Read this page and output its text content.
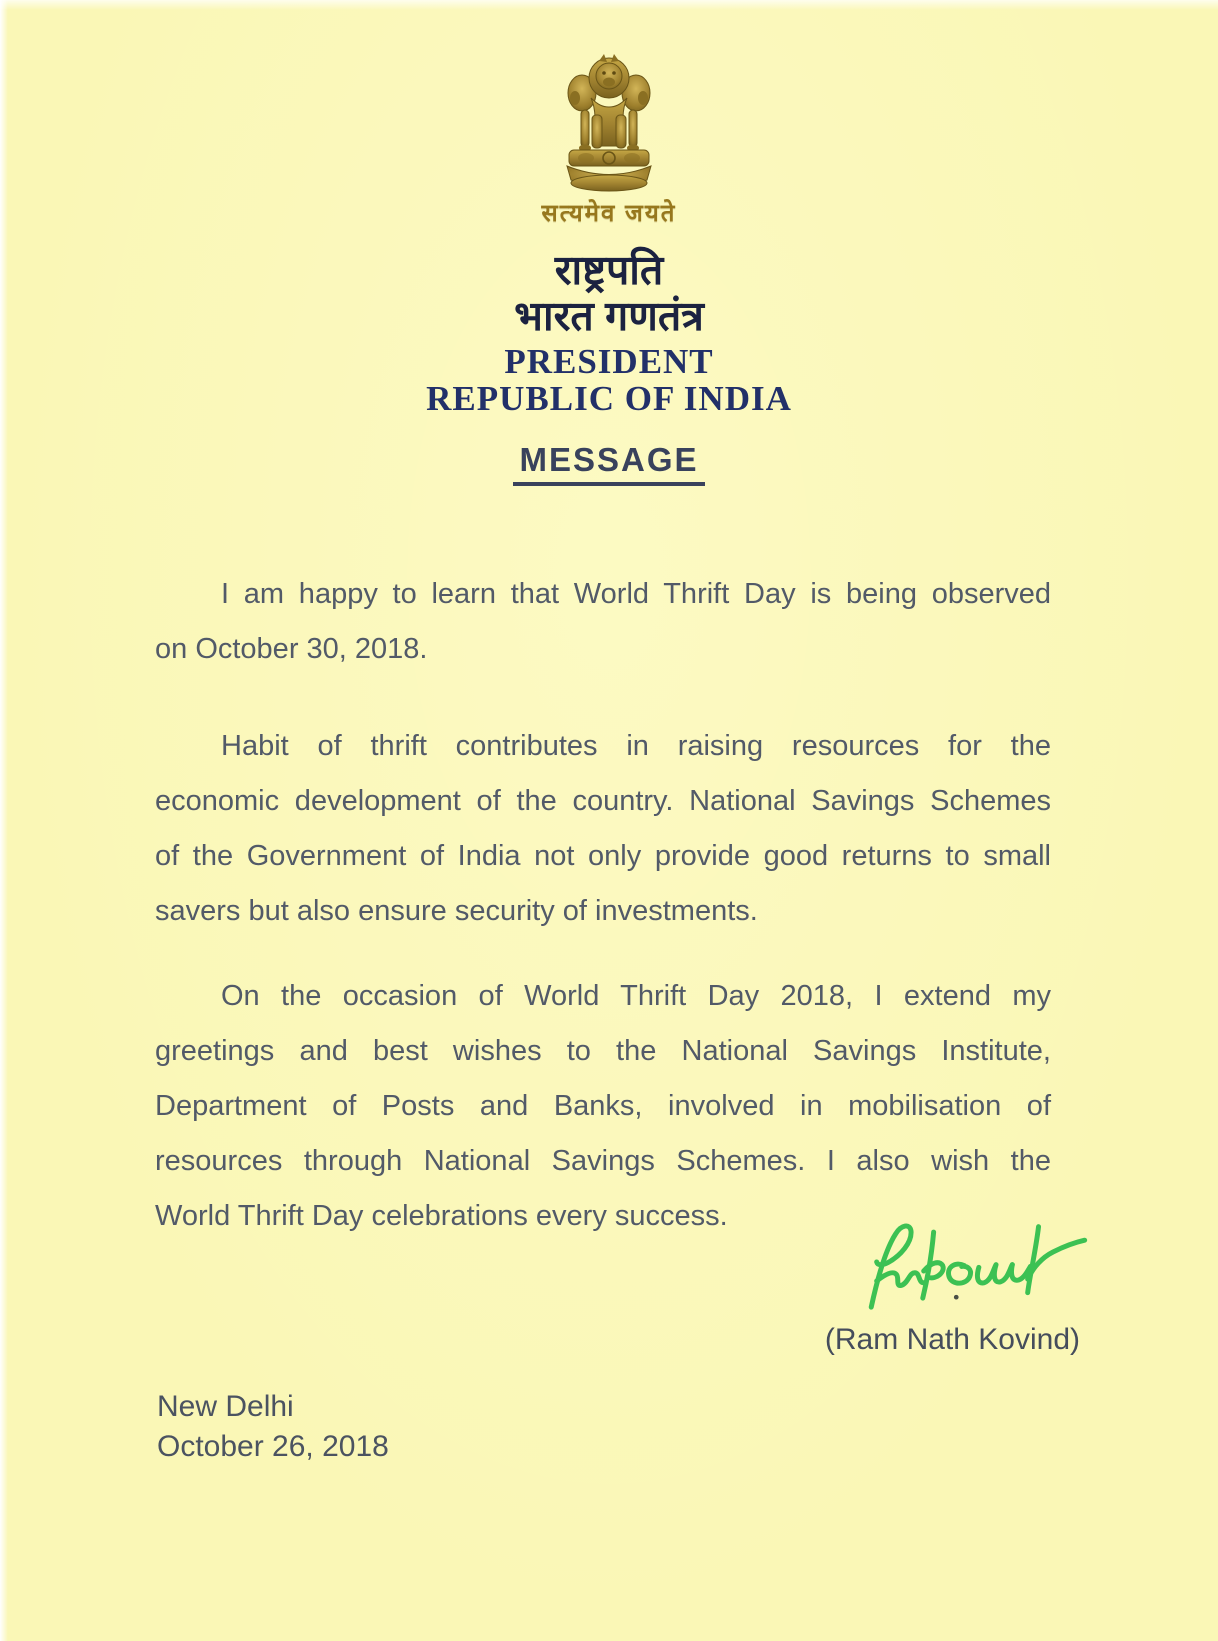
सत्यमेव जयते
राष्ट्रपति
भारत गणतंत्र
PRESIDENT
REPUBLIC OF INDIA
MESSAGE
I am happy to learn that World Thrift Day is being observed
on October 30, 2018.
Habit of thrift contributes in raising resources for the
economic development of the country. National Savings Schemes
of the Government of India not only provide good returns to small
savers but also ensure security of investments.
On the occasion of World Thrift Day 2018, I extend my
greetings and best wishes to the National Savings Institute,
Department of Posts and Banks, involved in mobilisation of
resources through National Savings Schemes. I also wish the
World Thrift Day celebrations every success.
(Ram Nath Kovind)
New Delhi
October 26, 2018
